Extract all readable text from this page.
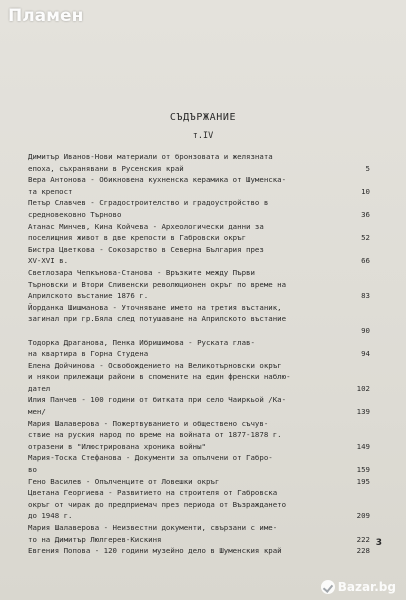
Пламен
СЪДЪРЖАНИЕ
т.IV
Димитър Иванов-Нови материали от бронзовата и желязната
епоха, съхранявани в Русенския край	5
Вера Антонова - Обикновена кухненска керамика от Шуменска-
та крепост	10
Петър Славчев - Сградостроителство и градоустройство в
средновековно Търново	36
Атанас Минчев, Кина Койчева - Археологически данни за
поселищния живот в две крепости в Габровски окръг	52
Бистра Цветкова - Сокозарство в Северна България през
XV-XVI в.	66
Светлозара Чепкънова-Станова - Връзките между Първи
Търновски и Втори Сливенски революционен окръг по време на
Априлското въстание 1876 г.	83
Йорданка Шишманова - Уточняване името на третия въстаник,
загинал при гр.Бяла след потушаване на Априлското въстание
90
Тодорка Драганова, Пенка Ибришимова - Руската глав-
на квартира в Горна Студена	94
Елена Дойчинова - Освобождението на Великотърновски окръг
и някои прилежащи райони в спомените на един френски наблю-
дател	102
Илия Панчев - 100 години от битката при село Чаиркьой /Ка-
мен/	139
Мария Шалаверова - Пожертвуванието и обществено съчув-
ствие на руския народ по време на войната от 1877-1878 г.
отразени в "Илюстрирована хроника войны"	149
Мария-Тоска Стефанова - Документи за опълчени от Габро-
во	159
Гено Василев - Опълченците от Ловешки окръг	195
Цветана Георгиева - Развитието на строителя от Габровска
окръг от чирак до предприемач през периода от Възраждането
до 1948 г.	209
Мария Шалаверова - Неизвестни документи, свързани с име-
то на Димитър Люлгерев-Кискиня	222
Евгения Попова - 120 години музейно дело в Шуменския край	228
3
Bazar.bg
